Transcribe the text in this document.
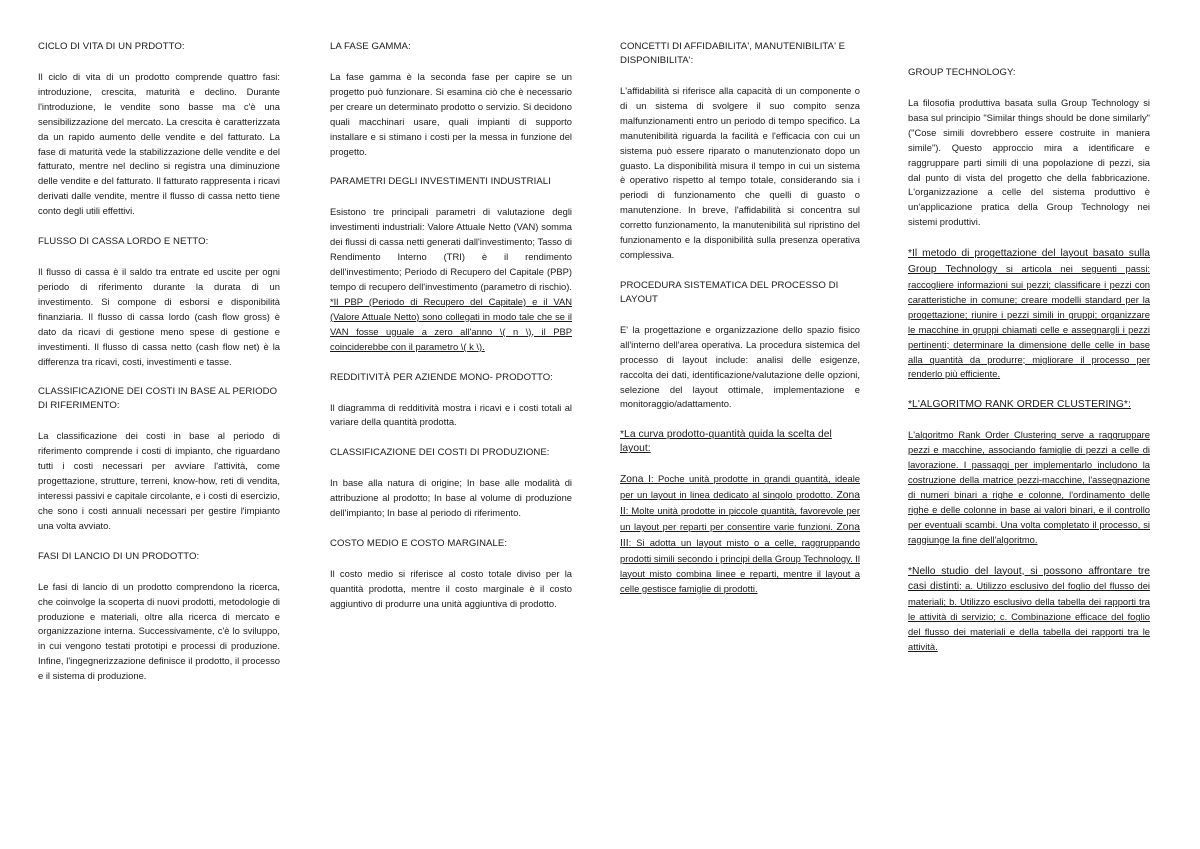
CICLO DI VITA DI UN PRDOTTO:

Il ciclo di vita di un prodotto comprende quattro fasi: introduzione, crescita, maturità e declino. Durante l'introduzione, le vendite sono basse ma c'è una sensibilizzazione del mercato. La crescita è caratterizzata da un rapido aumento delle vendite e del fatturato. La fase di maturità vede la stabilizzazione delle vendite e del fatturato, mentre nel declino si registra una diminuzione delle vendite e del fatturato. Il fatturato rappresenta i ricavi derivati dalle vendite, mentre il flusso di cassa netto tiene conto degli utili effettivi.

FLUSSO DI CASSA LORDO E NETTO:

Il flusso di cassa è il saldo tra entrate ed uscite per ogni periodo di riferimento durante la durata di un investimento. Si compone di esborsi e disponibilità finanziaria. Il flusso di cassa lordo (cash flow gross) è dato da ricavi di gestione meno spese di gestione e investimenti. Il flusso di cassa netto (cash flow net) è la differenza tra ricavi, costi, investimenti e tasse.

CLASSIFICAZIONE DEI COSTI IN BASE AL PERIODO DI RIFERIMENTO:

La classificazione dei costi in base al periodo di riferimento comprende i costi di impianto, che riguardano tutti i costi necessari per avviare l'attività, come progettazione, strutture, terreni, know-how, reti di vendita, interessi passivi e capitale circolante, e i costi di esercizio, che sono i costi annuali necessari per gestire l'impianto una volta avviato.

FASI DI LANCIO DI UN PRODOTTO:

Le fasi di lancio di un prodotto comprendono la ricerca, che coinvolge la scoperta di nuovi prodotti, metodologie di produzione e materiali, oltre alla ricerca di mercato e organizzazione interna. Successivamente, c'è lo sviluppo, in cui vengono testati prototipi e processi di produzione. Infine, l'ingegnerizzazione definisce il prodotto, il processo e il sistema di produzione.

LA FASE GAMMA:

La fase gamma è la seconda fase per capire se un progetto può funzionare. Si esamina ciò che è necessario per creare un determinato prodotto o servizio. Si decidono quali macchinari usare, quali impianti di supporto installare e si stimano i costi per la messa in funzione del progetto.

PARAMETRI DEGLI INVESTIMENTI INDUSTRIALI

Esistono tre principali parametri di valutazione degli investimenti industriali: Valore Attuale Netto (VAN) somma dei flussi di cassa netti generati dall'investimento; Tasso di Rendimento Interno (TRI) è il rendimento dell'investimento; Periodo di Recupero del Capitale (PBP) tempo di recupero dell'investimento (parametro di rischio). *Il PBP (Periodo di Recupero del Capitale) e il VAN (Valore Attuale Netto) sono collegati in modo tale che se il VAN fosse uguale a zero all'anno \( n \), il PBP coinciderebbe con il parametro \( k \).

REDDITIVITÀ PER AZIENDE MONO- PRODOTTO:

Il diagramma di redditività mostra i ricavi e i costi totali al variare della quantità prodotta.

CLASSIFICAZIONE DEI COSTI DI PRODUZIONE:

In base alla natura di origine; In base alle modalità di attribuzione al prodotto; In base al volume di produzione dell'impianto; In base al periodo di riferimento.

COSTO MEDIO E COSTO MARGINALE:

Il costo medio si riferisce al costo totale diviso per la quantità prodotta, mentre il costo marginale è il costo aggiuntivo di produrre una unità aggiuntiva di prodotto.

CONCETTI DI AFFIDABILITA', MANUTENIBILITA' E DISPONIBILITA':

L'affidabilità si riferisce alla capacità di un componente o di un sistema di svolgere il suo compito senza malfunzionamenti entro un periodo di tempo specifico. La manutenibilità riguarda la facilità e l'efficacia con cui un sistema può essere riparato o manutenzionato dopo un guasto. La disponibilità misura il tempo in cui un sistema è operativo rispetto al tempo totale, considerando sia i periodi di funzionamento che quelli di guasto o manutenzione. In breve, l'affidabilità si concentra sul corretto funzionamento, la manutenibilità sul ripristino del funzionamento e la disponibilità sulla presenza operativa complessiva.

PROCEDURA SISTEMATICA DEL PROCESSO DI LAYOUT

E' la progettazione e organizzazione dello spazio fisico all'interno dell'area operativa. La procedura sistemica del processo di layout include: analisi delle esigenze, raccolta dei dati, identificazione/valutazione delle opzioni, selezione del layout ottimale, implementazione e monitoraggio/adattamento.

*La curva prodotto-quantità guida la scelta del layout:

Zona I: Poche unità prodotte in grandi quantità, ideale per un layout in linea dedicato al singolo prodotto. Zona II: Molte unità prodotte in piccole quantità, favorevole per un layout per reparti per consentire varie funzioni. Zona III: Si adotta un layout misto o a celle, raggruppando prodotti simili secondo i principi della Group Technology. Il layout misto combina linee e reparti, mentre il layout a celle gestisce famiglie di prodotti.

GROUP TECHNOLOGY:

La filosofia produttiva basata sulla Group Technology si basa sul principio "Similar things should be done similarly" ("Cose simili dovrebbero essere costruite in maniera simile"). Questo approccio mira a identificare e raggruppare parti simili di una popolazione di pezzi, sia dal punto di vista del progetto che della fabbricazione. L'organizzazione a celle del sistema produttivo è un'applicazione pratica della Group Technology nei sistemi produttivi.

*Il metodo di progettazione del layout basato sulla Group Technology si articola nei seguenti passi: raccogliere informazioni sui pezzi; classificare i pezzi con caratteristiche in comune; creare modelli standard per la progettazione; riunire i pezzi simili in gruppi; organizzare le macchine in gruppi chiamati celle e assegnargli i pezzi pertinenti; determinare la dimensione delle celle in base alla quantità da produrre; migliorare il processo per renderlo più efficiente.

*L'ALGORITMO RANK ORDER CLUSTERING*:

L'algoritmo Rank Order Clustering serve a raggruppare pezzi e macchine, associando famiglie di pezzi a celle di lavorazione. I passaggi per implementarlo includono la costruzione della matrice pezzi-macchine, l'assegnazione di numeri binari a righe e colonne, l'ordinamento delle righe e delle colonne in base ai valori binari, e il controllo per eventuali scambi. Una volta completato il processo, si raggiunge la fine dell'algoritmo.

*Nello studio del layout, si possono affrontare tre casi distinti: a. Utilizzo esclusivo del foglio del flusso dei materiali; b. Utilizzo esclusivo della tabella dei rapporti tra le attività di servizio; c. Combinazione efficace del foglio del flusso dei materiali e della tabella dei rapporti tra le attività.
